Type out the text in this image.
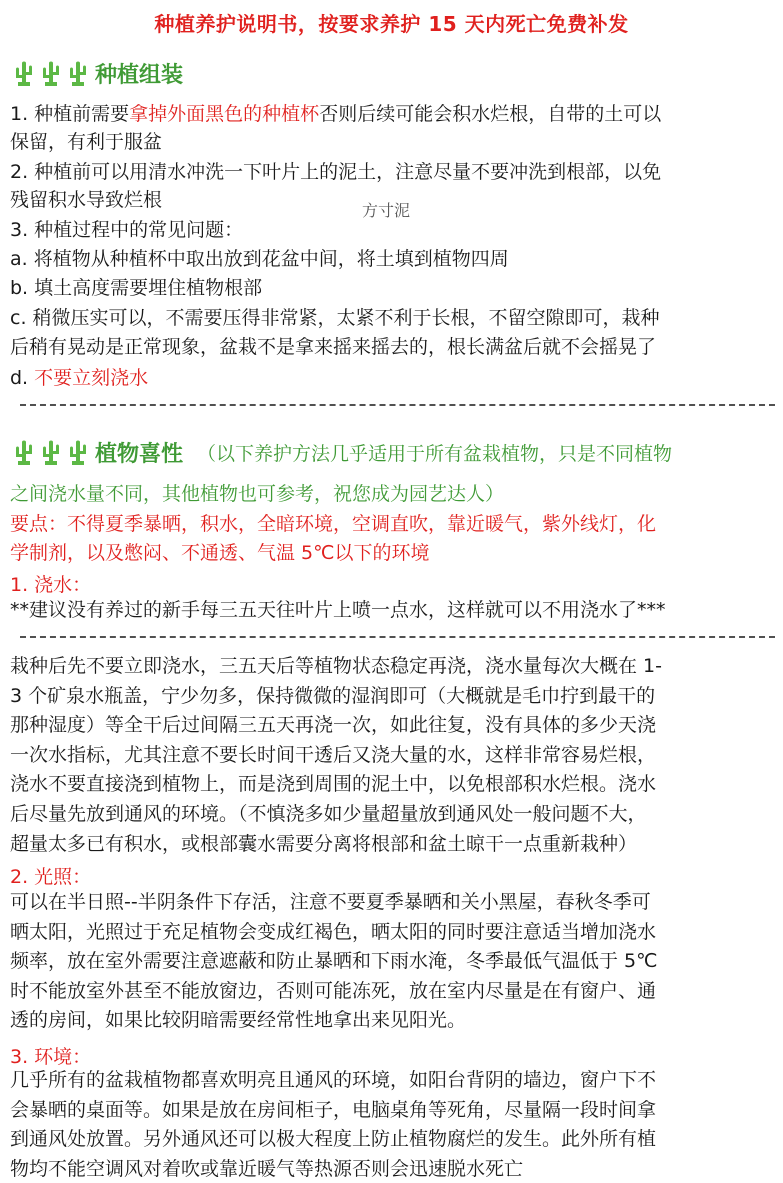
种植养护说明书，按要求养护 15 天内死亡免费补发
种植组装
1. 种植前需要拿掉外面黑色的种植杯否则后续可能会积水烂根，自带的土可以
保留，有利于服盆
2. 种植前可以用清水冲洗一下叶片上的泥土，注意尽量不要冲洗到根部，以免
残留积水导致烂根
3. 种植过程中的常见问题：
a. 将植物从种植杯中取出放到花盆中间，将土填到植物四周
b. 填土高度需要埋住植物根部
c. 稍微压实可以，不需要压得非常紧，太紧不利于长根，不留空隙即可，栽种
后稍有晃动是正常现象，盆栽不是拿来摇来摇去的，根长满盆后就不会摇晃了
d. 不要立刻浇水
方寸泥
植物喜性 （以下养护方法几乎适用于所有盆栽植物，只是不同植物
之间浇水量不同，其他植物也可参考，祝您成为园艺达人）
要点：不得夏季暴晒，积水，全暗环境，空调直吹，靠近暖气，紫外线灯，化
学制剂，以及憋闷、不通透、气温 5℃以下的环境
1. 浇水：
**建议没有养过的新手每三五天往叶片上喷一点水，这样就可以不用浇水了***
栽种后先不要立即浇水，三五天后等植物状态稳定再浇，浇水量每次大概在 1-
3 个矿泉水瓶盖，宁少勿多，保持微微的湿润即可（大概就是毛巾拧到最干的
那种湿度）等全干后过间隔三五天再浇一次，如此往复，没有具体的多少天浇
一次水指标，尤其注意不要长时间干透后又浇大量的水，这样非常容易烂根，
浇水不要直接浇到植物上，而是浇到周围的泥土中，以免根部积水烂根。浇水
后尽量先放到通风的环境。（不慎浇多如少量超量放到通风处一般问题不大，
超量太多已有积水，或根部囊水需要分离将根部和盆土晾干一点重新栽种）
2. 光照：
可以在半日照--半阴条件下存活，注意不要夏季暴晒和关小黑屋，春秋冬季可
晒太阳，光照过于充足植物会变成红褐色，晒太阳的同时要注意适当增加浇水
频率，放在室外需要注意遮蔽和防止暴晒和下雨水淹，冬季最低气温低于 5℃
时不能放室外甚至不能放窗边，否则可能冻死，放在室内尽量是在有窗户、通
透的房间，如果比较阴暗需要经常性地拿出来见阳光。
3. 环境：
几乎所有的盆栽植物都喜欢明亮且通风的环境，如阳台背阴的墙边，窗户下不
会暴晒的桌面等。如果是放在房间柜子，电脑桌角等死角，尽量隔一段时间拿
到通风处放置。另外通风还可以极大程度上防止植物腐烂的发生。此外所有植
物均不能空调风对着吹或靠近暖气等热源否则会迅速脱水死亡
